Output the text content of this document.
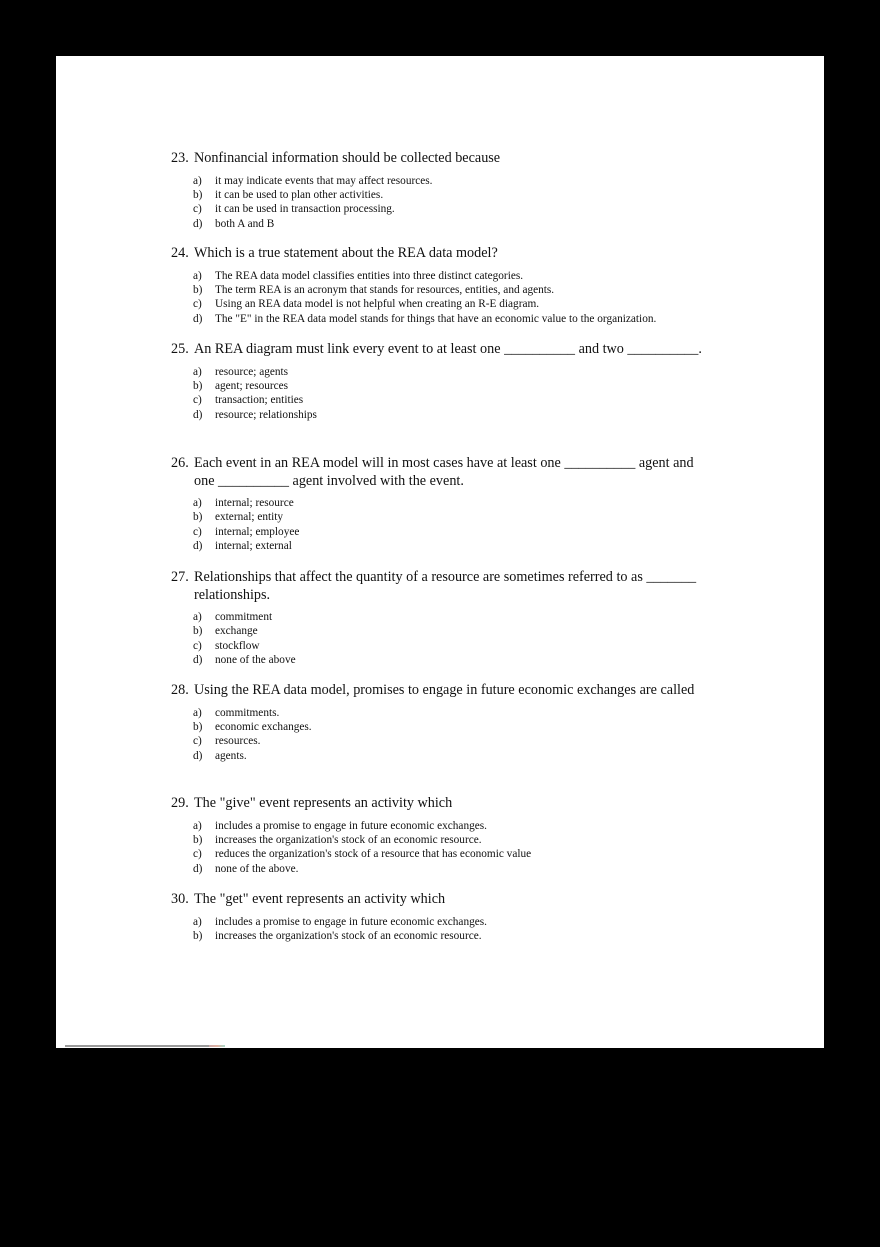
23. Nonfinancial information should be collected because
a)	it may indicate events that may affect resources.
b)	it can be used to plan other activities.
c)	it can be used in transaction processing.
d)	both A and B
24. Which is a true statement about the REA data model?
a)	The REA data model classifies entities into three distinct categories.
b)	The term REA is an acronym that stands for resources, entities, and agents.
c)	Using an REA data model is not helpful when creating an R-E diagram.
d)	The "E" in the REA data model stands for things that have an economic value to the organization.
25. An REA diagram must link every event to at least one __________ and two __________.
a)	resource; agents
b)	agent; resources
c)	transaction; entities
d)	resource; relationships
26. Each event in an REA model will in most cases have at least one __________ agent and one __________ agent involved with the event.
a)	internal; resource
b)	external; entity
c)	internal; employee
d)	internal; external
27. Relationships that affect the quantity of a resource are sometimes referred to as _______ relationships.
a)	commitment
b)	exchange
c)	stockflow
d)	none of the above
28. Using the REA data model, promises to engage in future economic exchanges are called
a)	commitments.
b)	economic exchanges.
c)	resources.
d)	agents.
29. The "give" event represents an activity which
a)	includes a promise to engage in future economic exchanges.
b)	increases the organization's stock of an economic resource.
c)	reduces the organization's stock of a resource that has economic value
d)	none of the above.
30. The "get" event represents an activity which
a)	includes a promise to engage in future economic exchanges.
b)	increases the organization's stock of an economic resource.
